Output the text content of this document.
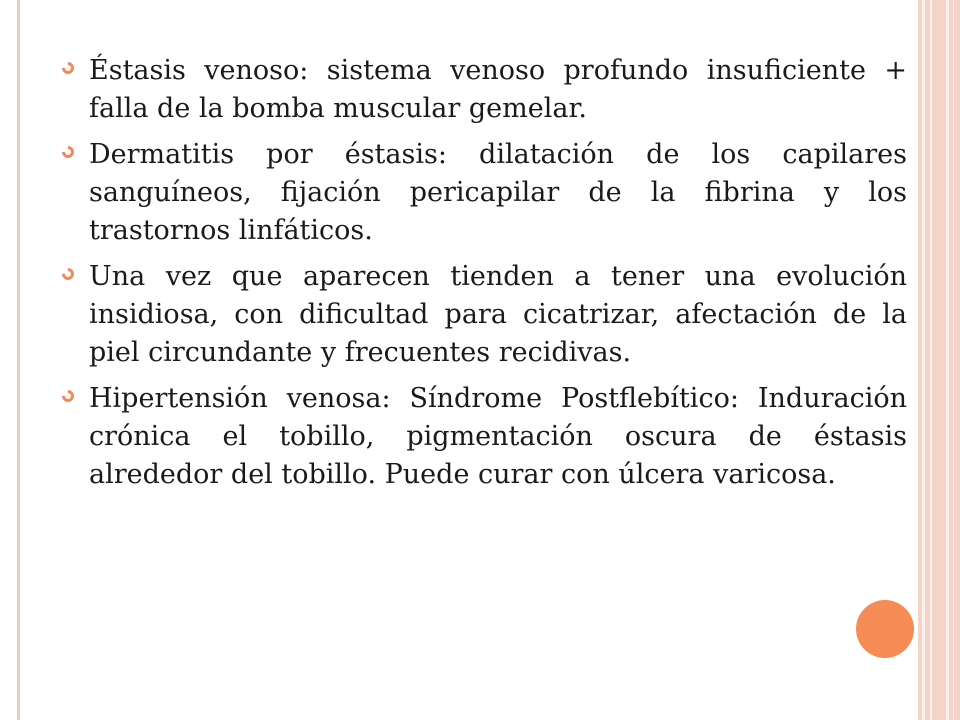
Éstasis venoso: sistema venoso profundo insuficiente + falla de la bomba muscular gemelar.
Dermatitis por éstasis: dilatación de los capilares sanguíneos, fijación pericapilar de la fibrina y los trastornos linfáticos.
Una vez que aparecen tienden a tener una evolución insidiosa, con dificultad para cicatrizar, afectación de la piel circundante y frecuentes recidivas.
Hipertensión venosa: Síndrome Postflebítico: Induración crónica el tobillo, pigmentación oscura de éstasis alrededor del tobillo. Puede curar con úlcera varicosa.
